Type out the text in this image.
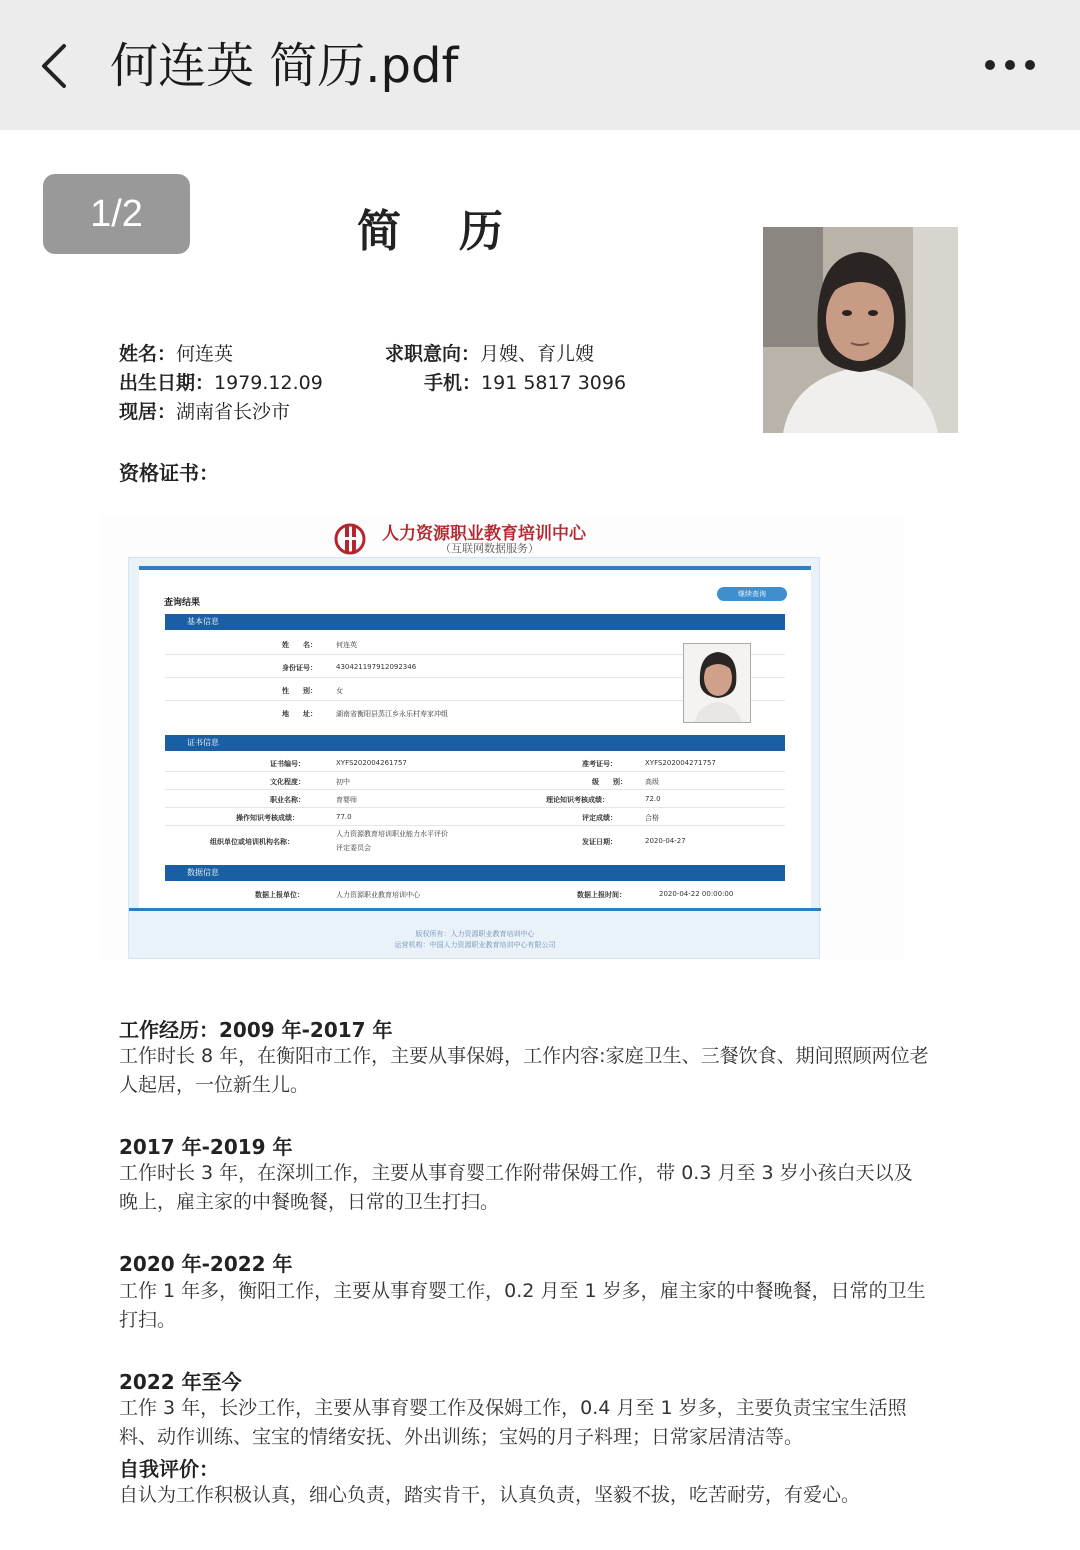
何连英 简历.pdf
1/2	简历
姓名：何连英	求职意向：月嫂、育儿嫂
出生日期：1979.12.09	手机：191 5817 3096
现居：湖南省长沙市
资格证书：
人力资源职业教育培训中心
（互联网数据服务）
查询结果
继续查询
基本信息
姓　　名：	何连英
身份证号：	430421197912092346
性　　别：	女
地　　址：	湖南省衡阳县蒸江乡永乐村寿家冲组
证书信息
证书编号：	XYFS202004261757	准考证号：	XYFS202004271757
文化程度：	初中	级　　别：	高级
职业名称：	育婴师	理论知识考核成绩：	72.0
操作知识考核成绩：	77.0	评定成绩：	合格
组织单位或培训机构名称：
人力资源教育培训职业能力水平评价
评定委员会
发证日期：	2020-04-27
数据信息
数据上报单位：	人力资源职业教育培训中心	数据上报时间：	2020-04-22 00:00:00
版权所有：人力资源职业教育培训中心
运营机构：中国人力资源职业教育培训中心有限公司
工作经历：2009 年-2017 年
工作时长 8 年，在衡阳市工作，主要从事保姆，工作内容:家庭卫生、三餐饮食、期间照顾两位老人起居，一位新生儿。
2017 年-2019 年
工作时长 3 年，在深圳工作，主要从事育婴工作附带保姆工作，带 0.3 月至 3 岁小孩白天以及晚上，雇主家的中餐晚餐，日常的卫生打扫。
2020 年-2022 年
工作 1 年多，衡阳工作，主要从事育婴工作，0.2 月至 1 岁多，雇主家的中餐晚餐，日常的卫生打扫。
2022 年至今
工作 3 年，长沙工作，主要从事育婴工作及保姆工作，0.4 月至 1 岁多，主要负责宝宝生活照料、动作训练、宝宝的情绪安抚、外出训练；宝妈的月子料理；日常家居清洁等。
自我评价：
自认为工作积极认真，细心负责，踏实肯干，认真负责，坚毅不拔，吃苦耐劳，有爱心。
